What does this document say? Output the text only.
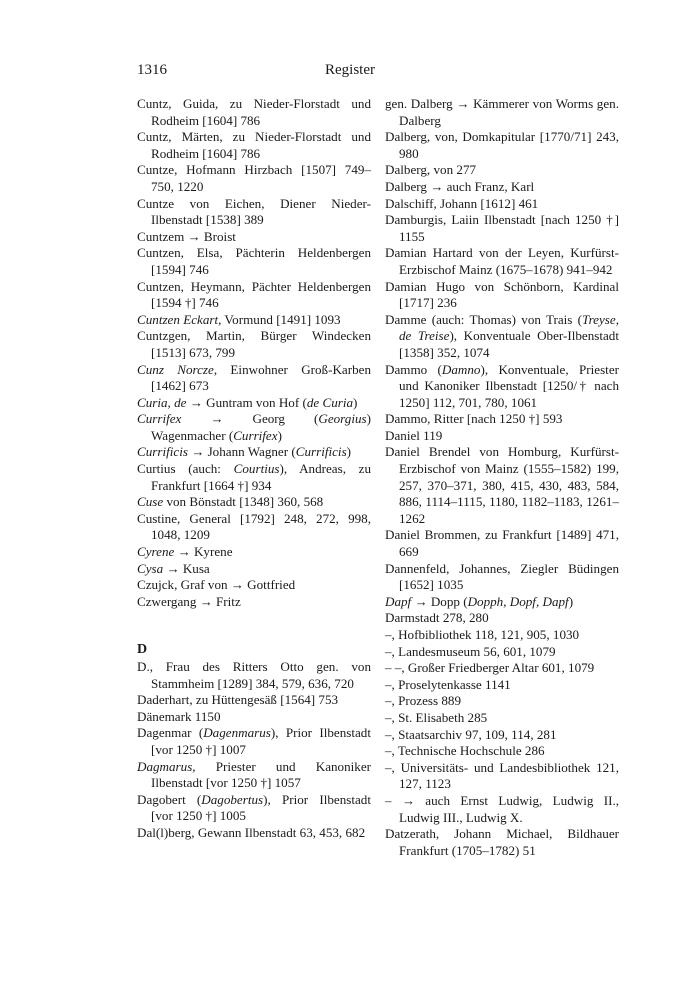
1316	Register
Cuntz, Guida, zu Nieder-Florstadt und Rodheim [1604] 786
Cuntz, Märten, zu Nieder-Florstadt und Rodheim [1604] 786
Cuntze, Hofmann Hirzbach [1507] 749–750, 1220
Cuntze von Eichen, Diener Nieder-Ilbenstadt [1538] 389
Cuntzem → Broist
Cuntzen, Elsa, Pächterin Heldenbergen [1594] 746
Cuntzen, Heymann, Pächter Heldenbergen [1594 †] 746
Cuntzen Eckart, Vormund [1491] 1093
Cuntzgen, Martin, Bürger Windecken [1513] 673, 799
Cunz Norcze, Einwohner Groß-Karben [1462] 673
Curia, de → Guntram von Hof (de Curia)
Currifex → Georg (Georgius) Wagenmacher (Currifex)
Currificis → Johann Wagner (Currificis)
Curtius (auch: Courtius), Andreas, zu Frankfurt [1664 †] 934
Cuse von Bönstadt [1348] 360, 568
Custine, General [1792] 248, 272, 998, 1048, 1209
Cyrene → Kyrene
Cysa → Kusa
Czujck, Graf von → Gottfried
Czwergang → Fritz
D
D., Frau des Ritters Otto gen. von Stammheim [1289] 384, 579, 636, 720
Daderhart, zu Hüttengesäß [1564] 753
Dänemark 1150
Dagenmar (Dagenmarus), Prior Ilbenstadt [vor 1250 †] 1007
Dagmarus, Priester und Kanoniker Ilbenstadt [vor 1250 †] 1057
Dagobert (Dagobertus), Prior Ilbenstadt [vor 1250 †] 1005
Dal(l)berg, Gewann Ilbenstadt 63, 453, 682
gen. Dalberg → Kämmerer von Worms gen. Dalberg
Dalberg, von, Domkapitular [1770/71] 243, 980
Dalberg, von 277
Dalberg → auch Franz, Karl
Dalschiff, Johann [1612] 461
Damburgis, Laiin Ilbenstadt [nach 1250 †] 1155
Damian Hartard von der Leyen, Kurfürst-Erzbischof Mainz (1675–1678) 941–942
Damian Hugo von Schönborn, Kardinal [1717] 236
Damme (auch: Thomas) von Trais (Treyse, de Treise), Konventuale Ober-Ilbenstadt [1358] 352, 1074
Dammo (Damno), Konventuale, Priester und Kanoniker Ilbenstadt [1250/† nach 1250] 112, 701, 780, 1061
Dammo, Ritter [nach 1250 †] 593
Daniel 119
Daniel Brendel von Homburg, Kurfürst-Erzbischof von Mainz (1555–1582) 199, 257, 370–371, 380, 415, 430, 483, 584, 886, 1114–1115, 1180, 1182–1183, 1261–1262
Daniel Brommen, zu Frankfurt [1489] 471, 669
Dannenfeld, Johannes, Ziegler Büdingen [1652] 1035
Dapf → Dopp (Dopph, Dopf, Dapf)
Darmstadt 278, 280
–, Hofbibliothek 118, 121, 905, 1030
–, Landesmuseum 56, 601, 1079
– –, Großer Friedberger Altar 601, 1079
–, Proselytenkasse 1141
–, Prozess 889
–, St. Elisabeth 285
–, Staatsarchiv 97, 109, 114, 281
–, Technische Hochschule 286
–, Universitäts- und Landesbibliothek 121, 127, 1123
– → auch Ernst Ludwig, Ludwig II., Ludwig III., Ludwig X.
Datzerath, Johann Michael, Bildhauer Frankfurt (1705–1782) 51
